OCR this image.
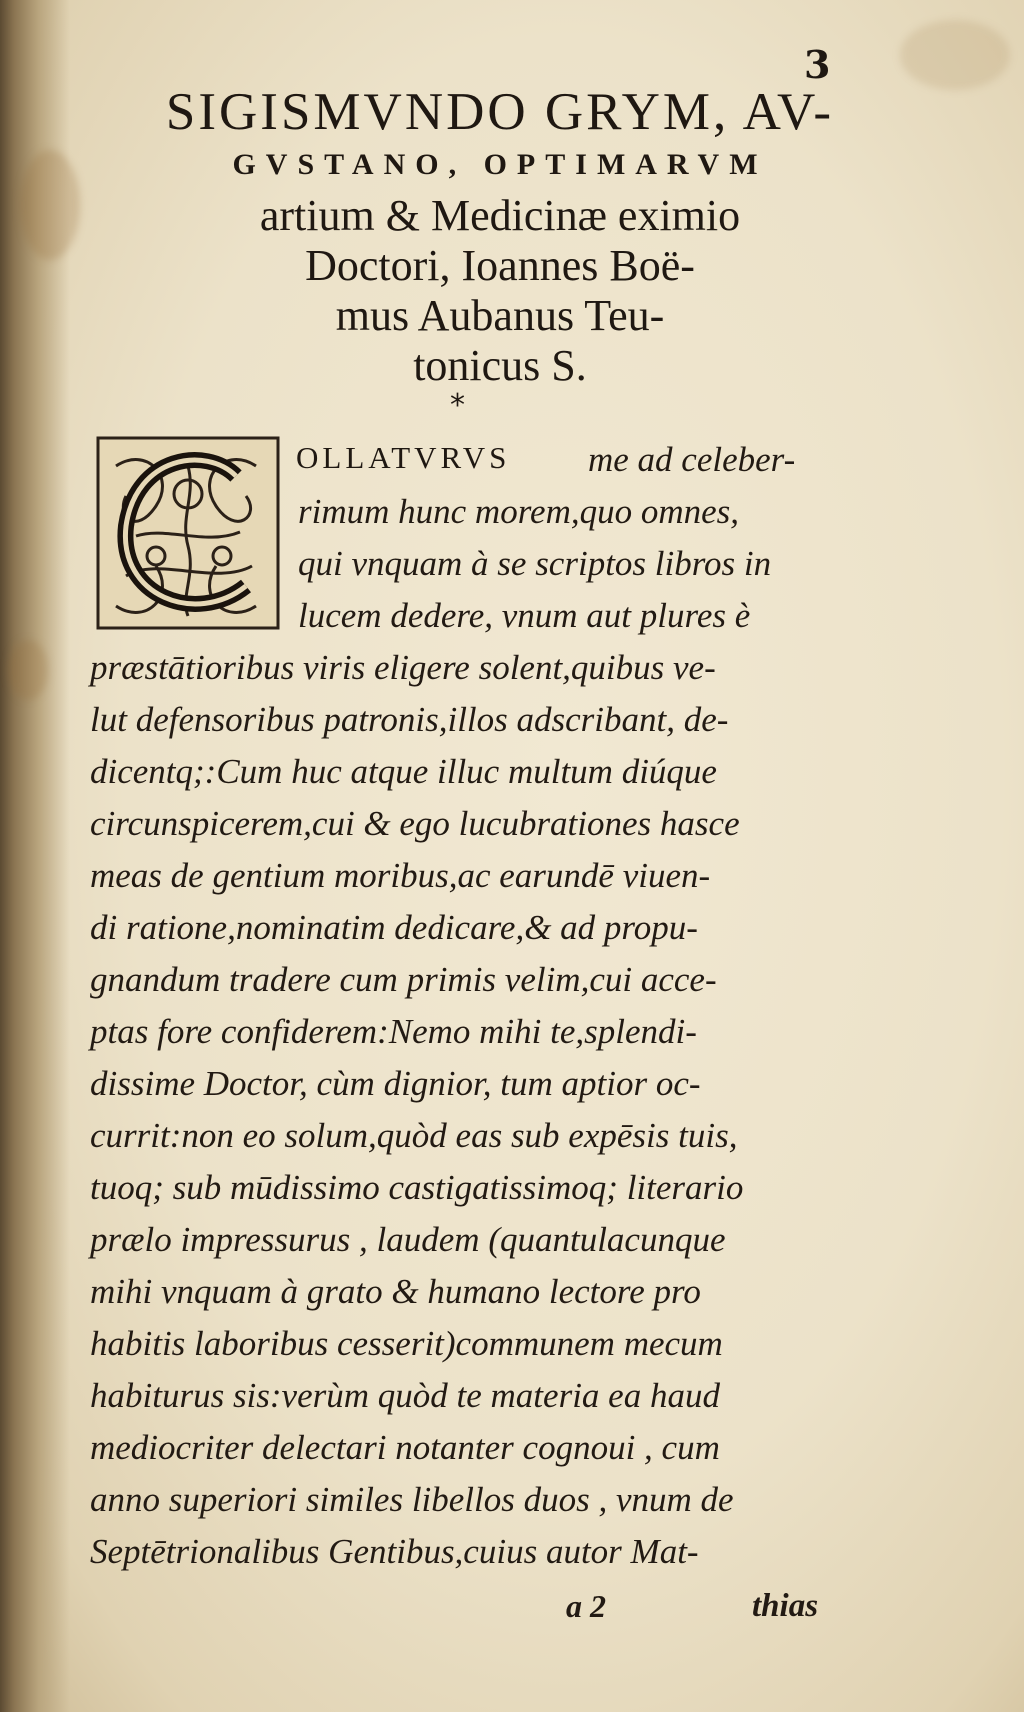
3

SIGISMVNDO GRYM, AV-

GVSTANO, OPTIMARVM

artium & Medicinæ eximio

Doctori, Ioannes Boë-

mus Aubanus Teu-

tonicus S.

*
OLLATVRVS me ad celeber-

rimum hunc morem,quo omnes,

qui vnquam à se scriptos libros in

lucem dedere, vnum aut plures è

præstātioribus viris eligere solent,quibus ve-

lut defensoribus patronis,illos adscribant, de-

dicentq;:Cum huc atque illuc multum diúque

circunspicerem,cui & ego lucubrationes hasce

meas de gentium moribus,ac earundē viuen-

di ratione,nominatim dedicare,& ad propu-

gnandum tradere cum primis velim,cui acce-

ptas fore confiderem:Nemo mihi te,splendi-

dissime Doctor, cùm dignior, tum aptior oc-

currit:non eo solum,quòd eas sub expēsis tuis,

tuoq; sub mūdissimo castigatissimoq; literario

prælo impressurus , laudem (quantulacunque

mihi vnquam à grato & humano lectore pro

habitis laboribus cesserit)communem mecum

habiturus sis:verùm quòd te materia ea haud

mediocriter delectari notanter cognoui , cum

anno superiori similes libellos duos , vnum de

Septētrionalibus Gentibus,cuius autor Mat-

a 2	thias
